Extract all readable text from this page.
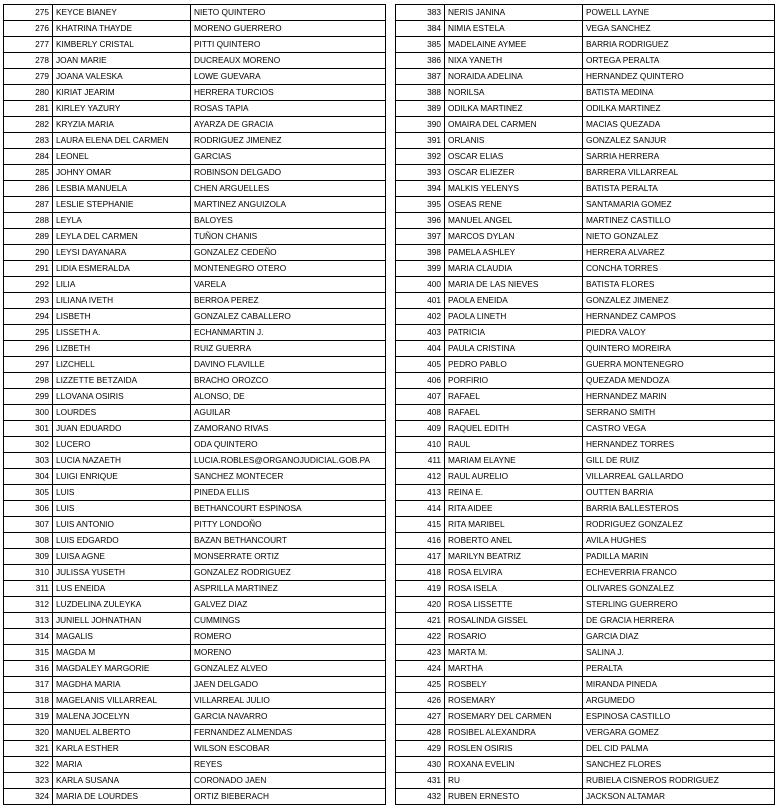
275	KEYCE BIANEY	NIETO QUINTERO
276	KHATRINA THAYDE	MORENO GUERRERO
277	KIMBERLY CRISTAL	PITTI QUINTERO
278	JOAN MARIE	DUCREAUX MORENO
279	JOANA VALESKA	LOWE GUEVARA
280	KIRIAT JEARIM	HERRERA TURCIOS
281	KIRLEY YAZURY	ROSAS TAPIA
282	KRYZIA MARIA	AYARZA DE GRACIA
283	LAURA ELENA DEL CARMEN	RODRIGUEZ JIMENEZ
284	LEONEL	GARCIAS
285	JOHNY OMAR	ROBINSON DELGADO
286	LESBIA MANUELA	CHEN ARGUELLES
287	LESLIE STEPHANIE	MARTINEZ ANGUIZOLA
288	LEYLA	BALOYES
289	LEYLA DEL CARMEN	TUÑON CHANIS
290	LEYSI DAYANARA	GONZALEZ CEDEÑO
291	LIDIA ESMERALDA	MONTENEGRO OTERO
292	LILIA	VARELA
293	LILIANA IVETH	BERROA PEREZ
294	LISBETH	GONZALEZ CABALLERO
295	LISSETH A.	ECHANMARTIN J.
296	LIZBETH	RUIZ GUERRA
297	LIZCHELL	DAVINO FLAVILLE
298	LIZZETTE BETZAIDA	BRACHO OROZCO
299	LLOVANA OSIRIS	ALONSO, DE
300	LOURDES	AGUILAR
301	JUAN EDUARDO	ZAMORANO RIVAS
302	LUCERO	ODA QUINTERO
303	LUCIA NAZAETH	LUCIA.ROBLES@ORGANOJUDICIAL.GOB.PA
304	LUIGI ENRIQUE	SANCHEZ MONTECER
305	LUIS	PINEDA ELLIS
306	LUIS	BETHANCOURT ESPINOSA
307	LUIS ANTONIO	PITTY LONDOÑO
308	LUIS EDGARDO	BAZAN BETHANCOURT
309	LUISA AGNE	MONSERRATE ORTIZ
310	JULISSA YUSETH	GONZALEZ RODRIGUEZ
311	LUS ENEIDA	ASPRILLA MARTINEZ
312	LUZDELINA ZULEYKA	GALVEZ DIAZ
313	JUNIELL JOHNATHAN	CUMMINGS
314	MAGALIS	ROMERO
315	MAGDA M	MORENO
316	MAGDALEY MARGORIE	GONZALEZ ALVEO
317	MAGDHA MARIA	JAEN DELGADO
318	MAGELANIS VILLARREAL	VILLARREAL JULIO
319	MALENA JOCELYN	GARCIA NAVARRO
320	MANUEL ALBERTO	FERNANDEZ ALMENDAS
321	KARLA ESTHER	WILSON ESCOBAR
322	MARIA	REYES
323	KARLA SUSANA	CORONADO JAEN
324	MARIA DE LOURDES	ORTIZ BIEBERACH
383	NERIS JANINA	POWELL LAYNE
384	NIMIA ESTELA	VEGA SANCHEZ
385	MADELAINE AYMEE	BARRIA RODRIGUEZ
386	NIXA YANETH	ORTEGA PERALTA
387	NORAIDA ADELINA	HERNANDEZ QUINTERO
388	NORILSA	BATISTA MEDINA
389	ODILKA MARTINEZ	ODILKA MARTINEZ
390	OMAIRA DEL CARMEN	MACIAS QUEZADA
391	ORLANIS	GONZALEZ SANJUR
392	OSCAR ELIAS	SARRIA HERRERA
393	OSCAR ELIEZER	BARRERA VILLARREAL
394	MALKIS YELENYS	BATISTA PERALTA
395	OSEAS RENE	SANTAMARIA GOMEZ
396	MANUEL ANGEL	MARTINEZ CASTILLO
397	MARCOS DYLAN	NIETO GONZALEZ
398	PAMELA ASHLEY	HERRERA ALVAREZ
399	MARIA CLAUDIA	CONCHA TORRES
400	MARIA DE LAS NIEVES	BATISTA FLORES
401	PAOLA ENEIDA	GONZALEZ JIMENEZ
402	PAOLA LINETH	HERNANDEZ CAMPOS
403	PATRICIA	PIEDRA VALOY
404	PAULA CRISTINA	QUINTERO MOREIRA
405	PEDRO PABLO	GUERRA MONTENEGRO
406	PORFIRIO	QUEZADA MENDOZA
407	RAFAEL	HERNANDEZ MARIN
408	RAFAEL	SERRANO SMITH
409	RAQUEL EDITH	CASTRO VEGA
410	RAUL	HERNANDEZ TORRES
411	MARIAM ELAYNE	GILL DE RUIZ
412	RAUL AURELIO	VILLARREAL GALLARDO
413	REINA E.	OUTTEN BARRIA
414	RITA AIDEE	BARRIA BALLESTEROS
415	RITA MARIBEL	RODRIGUEZ GONZALEZ
416	ROBERTO ANEL	AVILA HUGHES
417	MARILYN BEATRIZ	PADILLA MARIN
418	ROSA ELVIRA	ECHEVERRIA FRANCO
419	ROSA ISELA	OLIVARES GONZALEZ
420	ROSA LISSETTE	STERLING GUERRERO
421	ROSALINDA GISSEL	DE GRACIA HERRERA
422	ROSARIO	GARCIA DIAZ
423	MARTA M.	SALINA J.
424	MARTHA	PERALTA
425	ROSBELY	MIRANDA PINEDA
426	ROSEMARY	ARGUMEDO
427	ROSEMARY DEL CARMEN	ESPINOSA CASTILLO
428	ROSIBEL ALEXANDRA	VERGARA GOMEZ
429	ROSLEN OSIRIS	DEL CID PALMA
430	ROXANA EVELIN	SANCHEZ FLORES
431	RU	RUBIELA CISNEROS RODRIGUEZ
432	RUBEN ERNESTO	JACKSON ALTAMAR
